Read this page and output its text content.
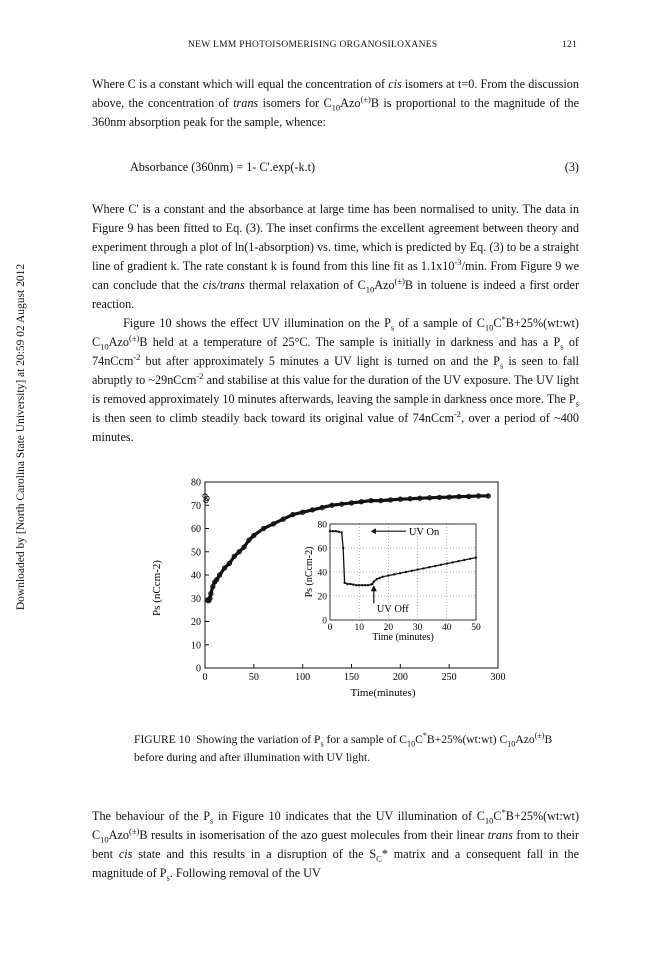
Downloaded by [North Carolina State University] at 20:59 02 August 2012
NEW LMM PHOTOISOMERISING ORGANOSILOXANES	121

Where C is a constant which will equal the concentration of cis isomers at t=0. From the discussion above, the concentration of trans isomers for $C_{10}Azo^{(\pm)}B$ is proportional to the magnitude of the 360nm absorption peak for the sample, whence:

Absorbance (360nm) = 1- C'.exp(-k.t)	(3)

Where C' is a constant and the absorbance at large time has been normalised to unity. The data in Figure 9 has been fitted to Eq. (3). The inset confirms the excellent agreement between theory and experiment through a plot of ln(1-absorption) vs. time, which is predicted by Eq. (3) to be a straight line of gradient k. The rate constant k is found from this line fit as $1.1x10^{-3}/\min$. From Figure 9 we can conclude that the cis/trans thermal relaxation of $C_{10}Azo^{(\pm)}B$ in toluene is indeed a first order reaction.

Figure 10 shows the effect UV illumination on the $P_s$ of a sample of $C_{10}C^*B+25\%(wt:wt)$ $C_{10}Azo^{(\pm)}B$ held at a temperature of 25°C. The sample is initially in darkness and has a $P_s$ of 74nCcm$^{-2}$ but after approximately 5 minutes a UV light is turned on and the $P_s$ is seen to fall abruptly to ~29nCcm$^{-2}$ and stabilise at this value for the duration of the UV exposure. The UV light is removed approximately 10 minutes afterwards, leaving the sample in darkness once more. The $P_s$ is then seen to climb steadily back toward its original value of 74nCcm$^{-2}$, over a period of ~400 minutes.

0	50	100	150	200	250	300
0
10
20
30
40
50
60
70
80
0 10 20 30 40 50
0
20
40
60
80
Time (minutes)
Ps (nCcm-2)
UV On
UV Off
Time(minutes)
Ps (nCcm-2)

FIGURE 10  Showing the variation of $P_s$ for a sample of $C_{10}C^*B+25\%(wt:wt)$ $C_{10}Azo^{(\pm)}B$ before during and after illumination with UV light.

The behaviour of the $P_s$ in Figure 10 indicates that the UV illumination of $C_{10}C^*B+25\%(wt:wt)$ $C_{10}Azo^{(\pm)}B$ results in isomerisation of the azo guest molecules from their linear trans from to their bent cis state and this results in a disruption of the $S_C*$ matrix and a consequent fall in the magnitude of $P_s$. Following removal of the UV
